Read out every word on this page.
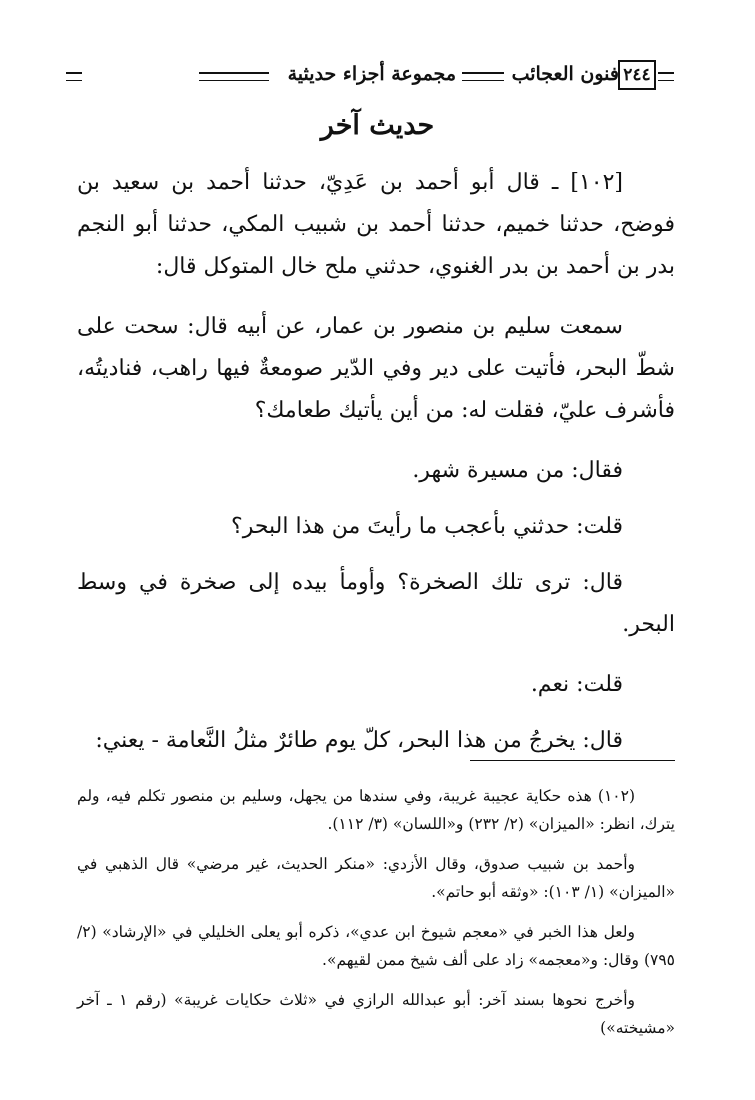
٢٤٤
فنون العجائب
مجموعة أجزاء حديثية
حديث آخر

[١٠٢] ـ قال أبو أحمد بن عَدِيّ، حدثنا أحمد بن سعيد بن فوضح، حدثنا خميم، حدثنا أحمد بن شبيب المكي، حدثنا أبو النجم بدر بن أحمد بن بدر الغنوي، حدثني ملح خال المتوكل قال:

سمعت سليم بن منصور بن عمار، عن أبيه قال: سحت على شطّ البحر، فأتيت على دير وفي الدّير صومعةٌ فيها راهب، فناديتُه، فأشرف عليّ، فقلت له: من أين يأتيك طعامك؟

فقال: من مسيرة شهر.

قلت: حدثني بأعجب ما رأيتَ من هذا البحر؟

قال: ترى تلك الصخرة؟ وأومأ بيده إلى صخرة في وسط البحر.

قلت: نعم.

قال: يخرجُ من هذا البحر، كلّ يوم طائرٌ مثلُ النَّعامة - يعني:

(١٠٢) هذه حكاية عجيبة غريبة، وفي سندها من يجهل، وسليم بن منصور تكلم فيه، ولم يترك، انظر: «الميزان» (٢/ ٢٣٢) و«اللسان» (٣/ ١١٢).

وأحمد بن شبيب صدوق، وقال الأزدي: «منكر الحديث، غير مرضي» قال الذهبي في «الميزان» (١/ ١٠٣): «وثقه أبو حاتم».

ولعل هذا الخبر في «معجم شيوخ ابن عدي»، ذكره أبو يعلى الخليلي في «الإرشاد» (٢/ ٧٩٥) وقال: و«معجمه» زاد على ألف شيخ ممن لقيهم».

وأخرج نحوها بسند آخر: أبو عبدالله الرازي في «ثلاث حكايات غريبة» (رقم ١ ـ آخر «مشيخته»)
